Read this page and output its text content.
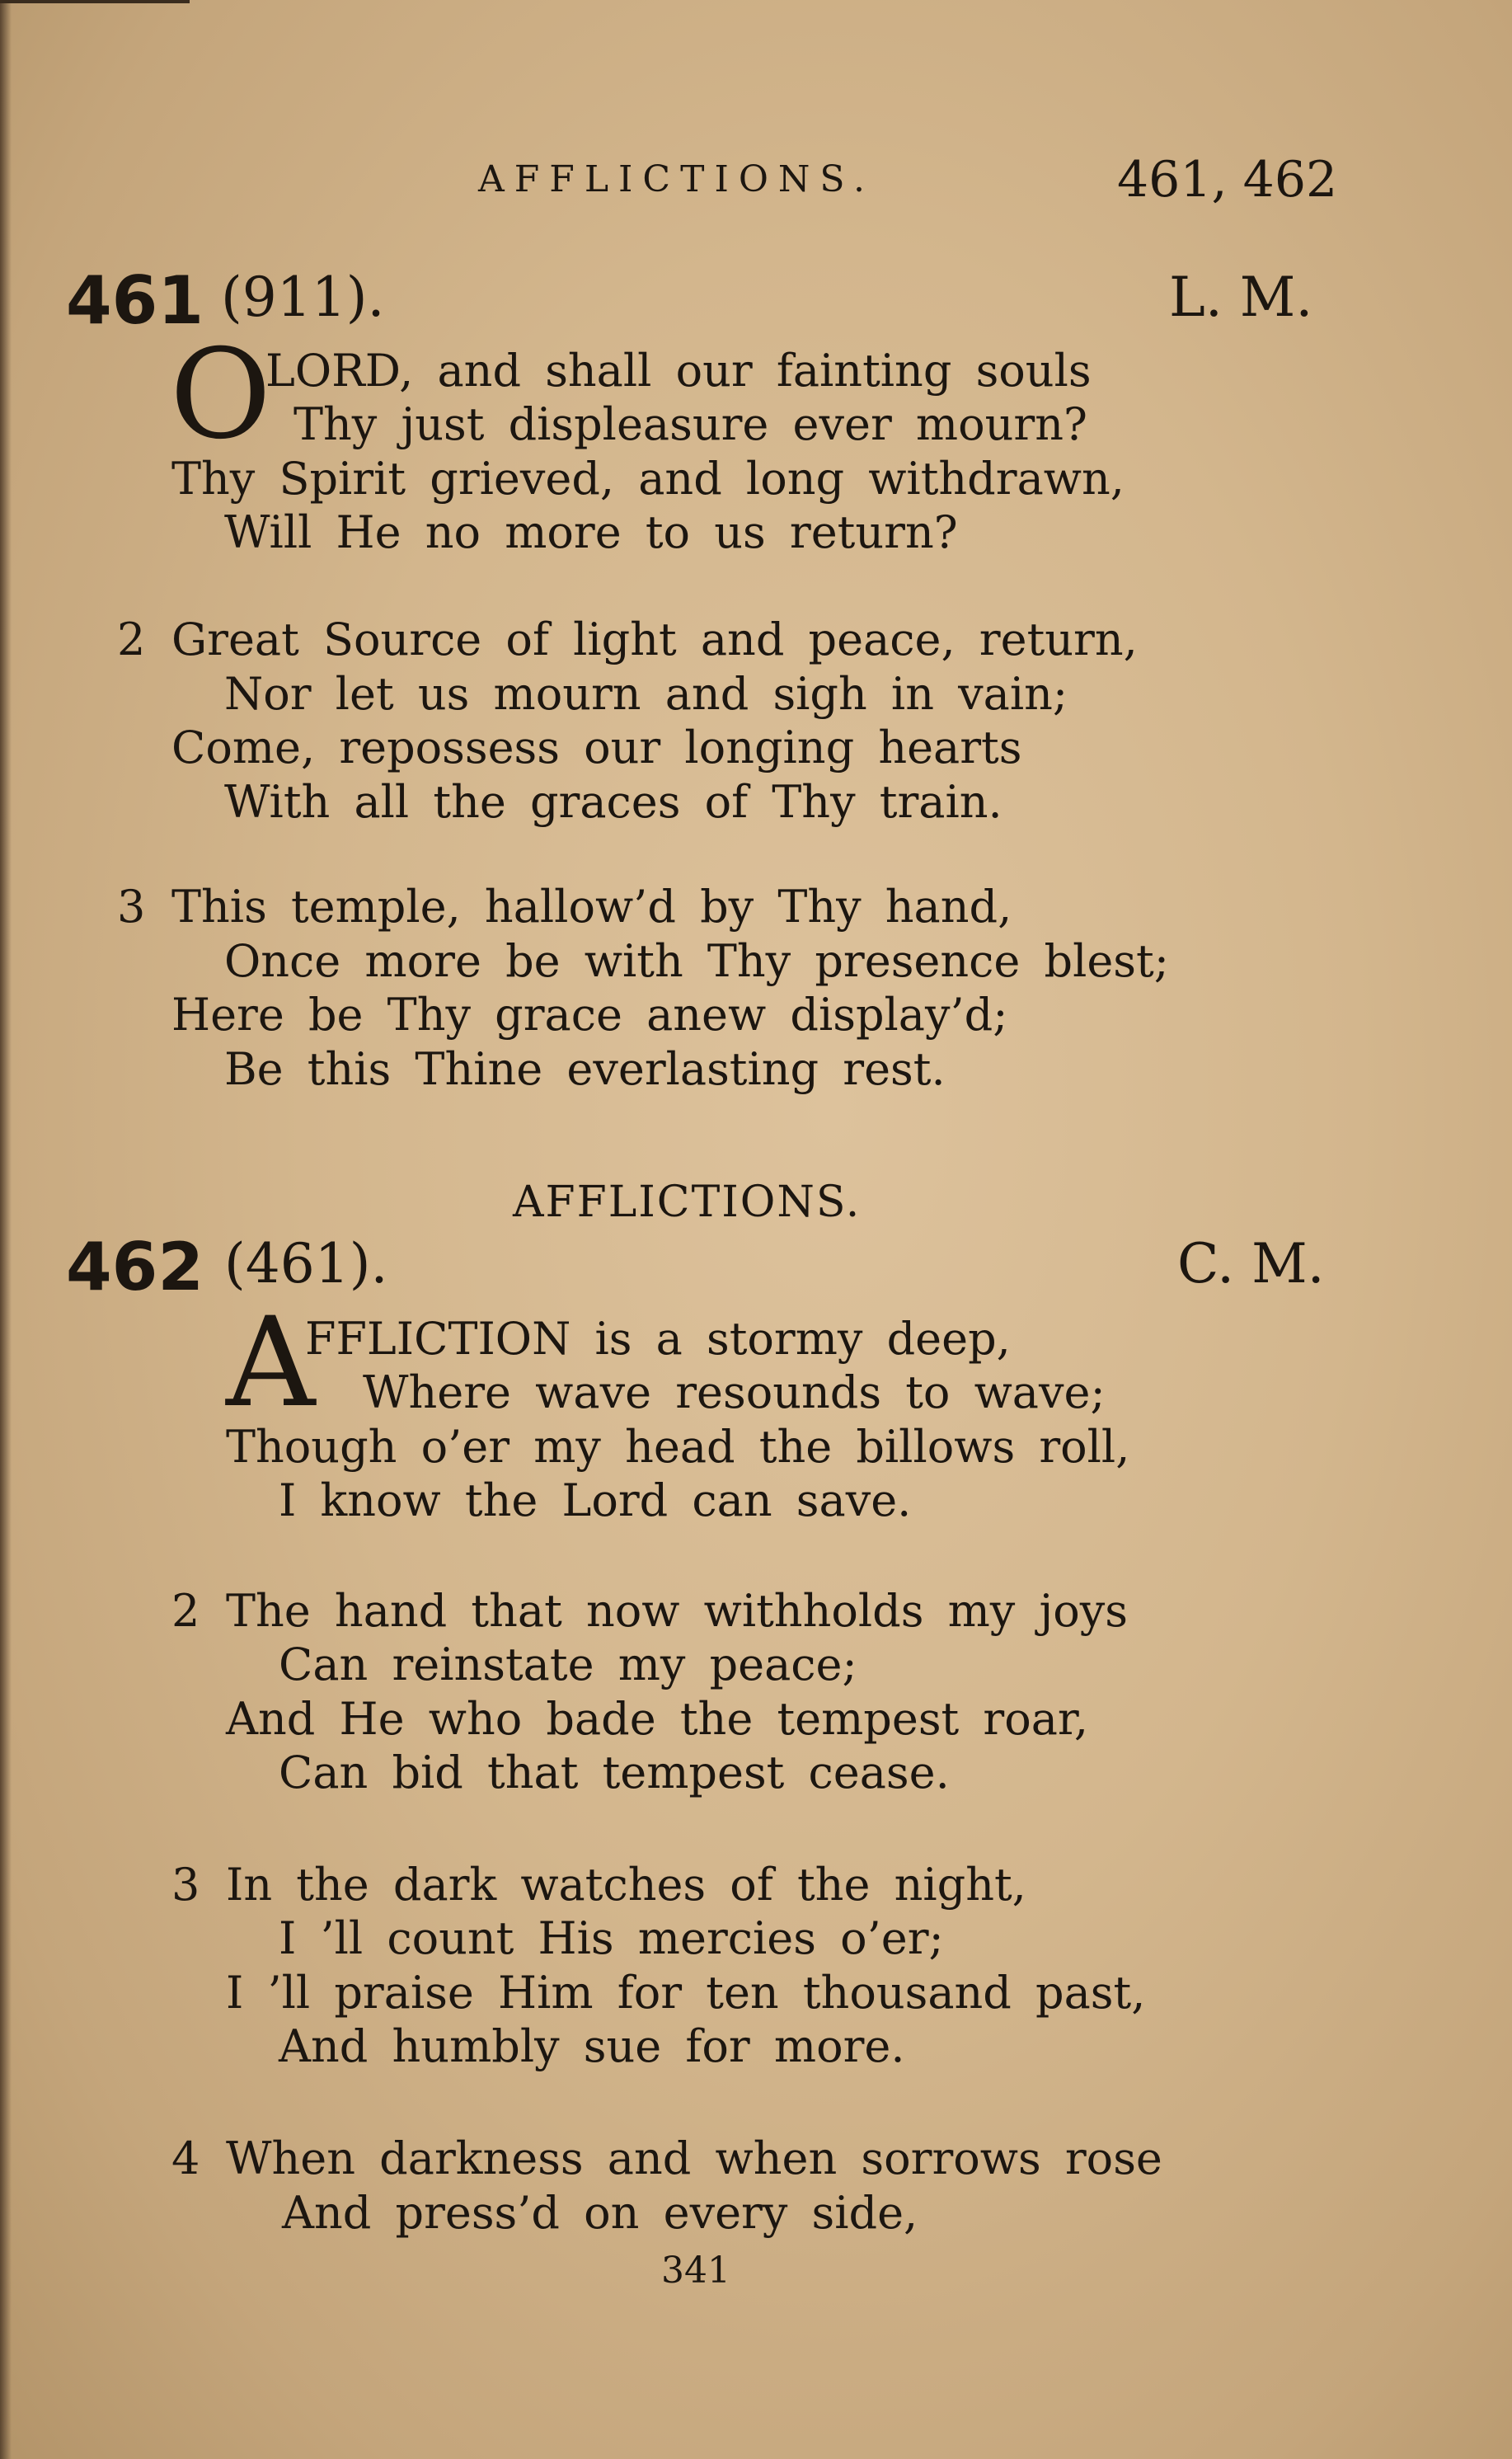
AFFLICTIONS.	461, 462
461 (911).	L. M.
O
LORD, and shall our fainting souls
Thy just displeasure ever mourn?
Thy Spirit grieved, and long withdrawn,
Will He no more to us return?
2 Great Source of light and peace, return,
Nor let us mourn and sigh in vain;
Come, repossess our longing hearts
With all the graces of Thy train.
3 This temple, hallow’d by Thy hand,
Once more be with Thy presence blest;
Here be Thy grace anew display’d;
Be this Thine everlasting rest.
AFFLICTIONS.
462 (461).	C. M.
A
FFLICTION is a stormy deep,
Where wave resounds to wave;
Though o’er my head the billows roll,
I know the Lord can save.
2 The hand that now withholds my joys
Can reinstate my peace;
And He who bade the tempest roar,
Can bid that tempest cease.
3 In the dark watches of the night,
I ’ll count His mercies o’er;
I ’ll praise Him for ten thousand past,
And humbly sue for more.
4 When darkness and when sorrows rose
And press’d on every side,
341
